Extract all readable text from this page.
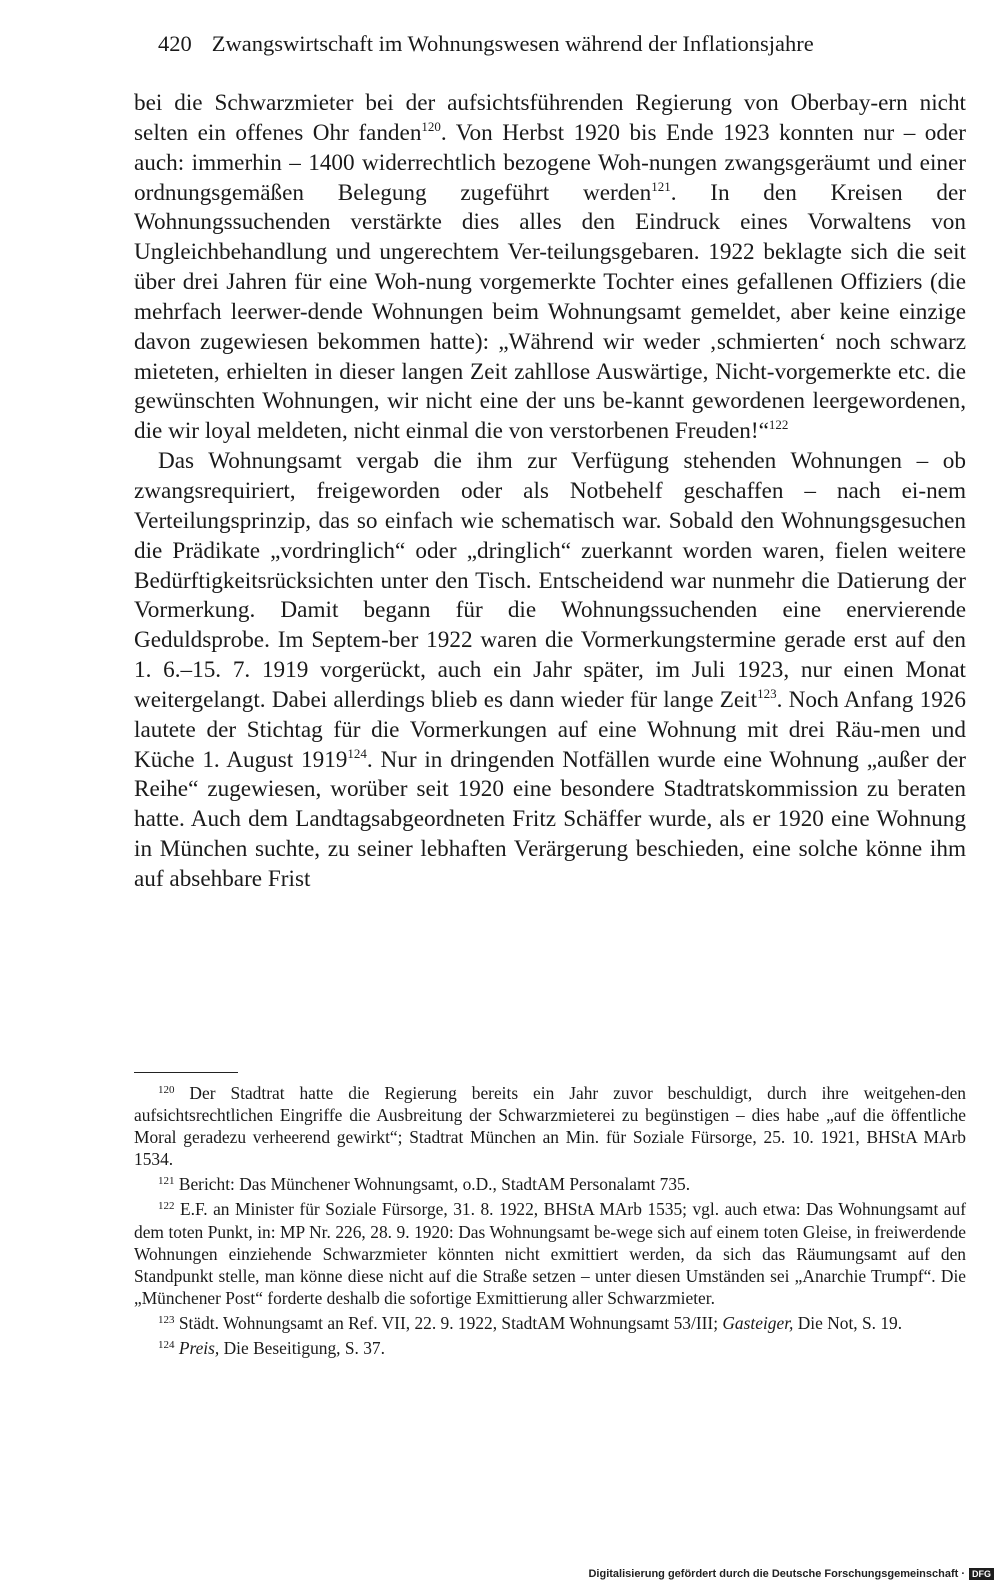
420 Zwangswirtschaft im Wohnungswesen während der Inflationsjahre

bei die Schwarzmieter bei der aufsichtsführenden Regierung von Oberbay-ern nicht selten ein offenes Ohr fanden$^{120}$. Von Herbst 1920 bis Ende 1923 konnten nur – oder auch: immerhin – 1400 widerrechtlich bezogene Woh-nungen zwangsgeräumt und einer ordnungsgemäßen Belegung zugeführt werden$^{121}$. In den Kreisen der Wohnungssuchenden verstärkte dies alles den Eindruck eines Vorwaltens von Ungleichbehandlung und ungerechtem Ver-teilungsgebaren. 1922 beklagte sich die seit über drei Jahren für eine Woh-nung vorgemerkte Tochter eines gefallenen Offiziers (die mehrfach leerwer-dende Wohnungen beim Wohnungsamt gemeldet, aber keine einzige davon zugewiesen bekommen hatte): „Während wir weder ‚schmierten‘ noch schwarz mieteten, erhielten in dieser langen Zeit zahllose Auswärtige, Nicht-vorgemerkte etc. die gewünschten Wohnungen, wir nicht eine der uns be-kannt gewordenen leergewordenen, die wir loyal meldeten, nicht einmal die von verstorbenen Freuden!“$^{122}$

Das Wohnungsamt vergab die ihm zur Verfügung stehenden Wohnungen – ob zwangsrequiriert, freigeworden oder als Notbehelf geschaffen – nach ei-nem Verteilungsprinzip, das so einfach wie schematisch war. Sobald den Wohnungsgesuchen die Prädikate „vordringlich“ oder „dringlich“ zuerkannt worden waren, fielen weitere Bedürftigkeitsrücksichten unter den Tisch. Entscheidend war nunmehr die Datierung der Vormerkung. Damit begann für die Wohnungssuchenden eine enervierende Geduldsprobe. Im Septem-ber 1922 waren die Vormerkungstermine gerade erst auf den 1. 6.–15. 7. 1919 vorgerückt, auch ein Jahr später, im Juli 1923, nur einen Monat weitergelangt. Dabei allerdings blieb es dann wieder für lange Zeit$^{123}$. Noch Anfang 1926 lautete der Stichtag für die Vormerkungen auf eine Wohnung mit drei Räu-men und Küche 1. August 1919$^{124}$. Nur in dringenden Notfällen wurde eine Wohnung „außer der Reihe“ zugewiesen, worüber seit 1920 eine besondere Stadtratskommission zu beraten hatte. Auch dem Landtagsabgeordneten Fritz Schäffer wurde, als er 1920 eine Wohnung in München suchte, zu seiner lebhaften Verärgerung beschieden, eine solche könne ihm auf absehbare Frist

$^{120}$ Der Stadtrat hatte die Regierung bereits ein Jahr zuvor beschuldigt, durch ihre weitgehen-den aufsichtsrechtlichen Eingriffe die Ausbreitung der Schwarzmieterei zu begünstigen – dies habe „auf die öffentliche Moral geradezu verheerend gewirkt“; Stadtrat München an Min. für Soziale Fürsorge, 25. 10. 1921, BHStA MArb 1534.

$^{121}$ Bericht: Das Münchener Wohnungsamt, o.D., StadtAM Personalamt 735.

$^{122}$ E.F. an Minister für Soziale Fürsorge, 31. 8. 1922, BHStA MArb 1535; vgl. auch etwa: Das Wohnungsamt auf dem toten Punkt, in: MP Nr. 226, 28. 9. 1920: Das Wohnungsamt be-wege sich auf einem toten Gleise, in freiwerdende Wohnungen einziehende Schwarzmieter könnten nicht exmittiert werden, da sich das Räumungsamt auf den Standpunkt stelle, man könne diese nicht auf die Straße setzen – unter diesen Umständen sei „Anarchie Trumpf“. Die „Münchener Post“ forderte deshalb die sofortige Exmittierung aller Schwarzmieter.

$^{123}$ Städt. Wohnungsamt an Ref. VII, 22. 9. 1922, StadtAM Wohnungsamt 53/III; Gasteiger, Die Not, S. 19.

$^{124}$ Preis, Die Beseitigung, S. 37.

Digitalisierung gefördert durch die Deutsche Forschungsgemeinschaft · DFG
